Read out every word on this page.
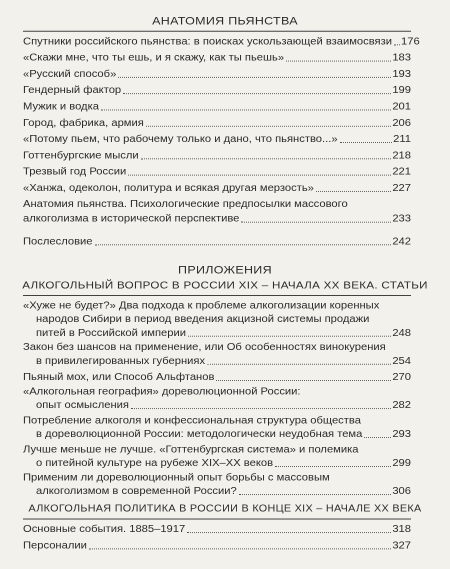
АНАТОМИЯ ПЬЯНСТВА
Спутники российского пьянства: в поисках ускользающей взаимосвязи 176
«Скажи мне, что ты ешь, и я скажу, как ты пьешь»	183
«Русский способ»	193
Гендерный фактор	199
Мужик и водка	201
Город, фабрика, армия	206
«Потому пьем, что рабочему только и дано, что пьянство...»	211
Готтенбургские мысли	218
Трезвый год России	221
«Ханжа, одеколон, политура и всякая другая мерзость»	227
Анатомия пьянства. Психологические предпосылки массового
алкоголизма в исторической перспективе	233
Послесловие	242
ПРИЛОЖЕНИЯ
АЛКОГОЛЬНЫЙ ВОПРОС В РОССИИ XIX – НАЧАЛА XX ВЕКА. СТАТЬИ
«Хуже не будет?» Два подхода к проблеме алкоголизации коренных
народов Сибири в период введения акцизной системы продажи
питей в Российской империи	248
Закон без шансов на применение, или Об особенностях винокурения
в привилегированных губерниях	254
Пьяный мох, или Способ Альфтанов	270
«Алкогольная география» дореволюционной России:
опыт осмысления	282
Потребление алкоголя и конфессиональная структура общества
в дореволюционной России: методологически неудобная тема	293
Лучше меньше не лучше. «Готтенбургская система» и полемика
о питейной культуре на рубеже XIX–XX веков	299
Применим ли дореволюционный опыт борьбы с массовым
алкоголизмом в современной России?	306
АЛКОГОЛЬНАЯ ПОЛИТИКА В РОССИИ В КОНЦЕ XIX – НАЧАЛЕ XX ВЕКА
Основные события. 1885–1917	318
Персоналии	327
